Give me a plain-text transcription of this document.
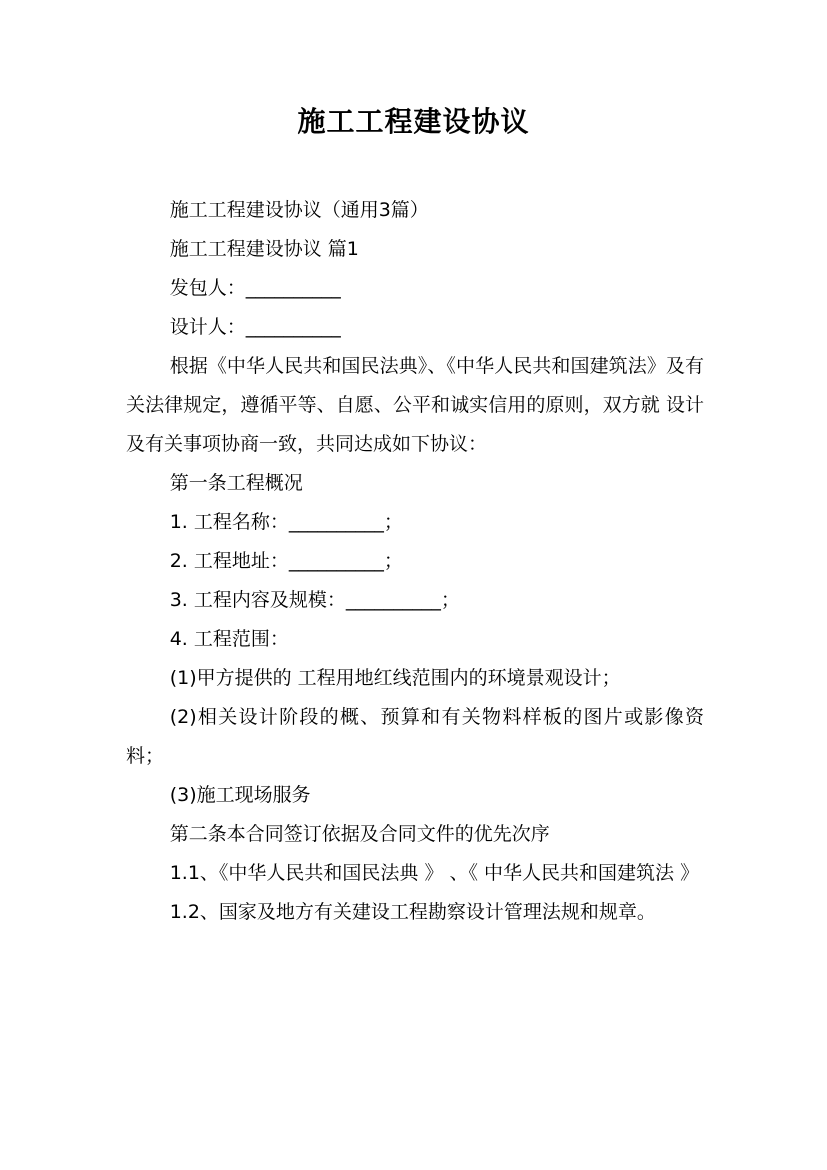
施工工程建设协议

施工工程建设协议（通用3篇）

施工工程建设协议 篇1

发包人：__________

设计人：__________

根据《中华人民共和国民法典》、《中华人民共和国建筑法》及有关法律规定，遵循平等、自愿、公平和诚实信用的原则，双方就 设计及有关事项协商一致，共同达成如下协议：

第一条工程概况

1. 工程名称：__________；

2. 工程地址：__________；

3. 工程内容及规模：__________；

4. 工程范围：

(1)甲方提供的 工程用地红线范围内的环境景观设计；

(2)相关设计阶段的概、预算和有关物料样板的图片或影像资料；

(3)施工现场服务

第二条本合同签订依据及合同文件的优先次序

1.1、《中华人民共和国民法典 》 、《 中华人民共和国建筑法 》

1.2、国家及地方有关建设工程勘察设计管理法规和规章。
